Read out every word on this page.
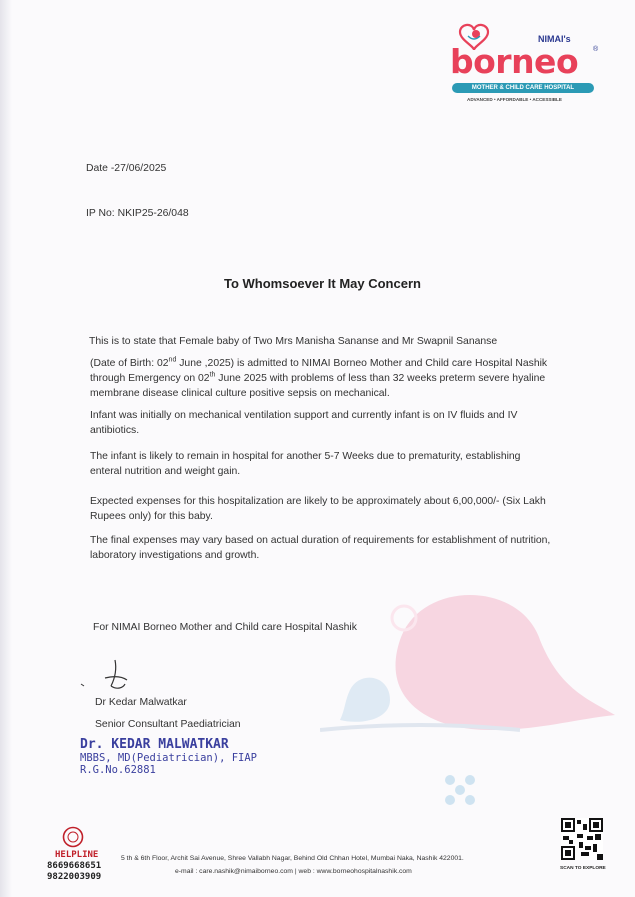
NIMAI's
borneo ®
MOTHER & CHILD CARE HOSPITAL
ADVANCED • AFFORDABLE • ACCESSIBLE
Date -27/06/2025
IP No: NKIP25-26/048
To Whomsoever It May Concern
This is to state that Female baby of Two Mrs Manisha Sananse and Mr Swapnil Sananse
(Date of Birth: 02nd June ,2025) is admitted to NIMAI Borneo Mother and Child care Hospital Nashik
through Emergency on 02th June 2025 with problems of less than 32 weeks preterm severe hyaline
membrane disease clinical culture positive sepsis on mechanical.
Infant was initially on mechanical ventilation support and currently infant is on IV fluids and IV
antibiotics.
The infant is likely to remain in hospital for another 5-7 Weeks due to prematurity, establishing
enteral nutrition and weight gain.
Expected expenses for this hospitalization are likely to be approximately about 6,00,000/- (Six Lakh
Rupees only) for this baby.
The final expenses may vary based on actual duration of requirements for establishment of nutrition,
laboratory investigations and growth.
For NIMAI Borneo Mother and Child care Hospital Nashik
Dr Kedar Malwatkar
Senior Consultant Paediatrician
Dr. KEDAR MALWATKAR
MBBS, MD(Pediatrician), FIAP
R.G.No.62881
HELPLINE
8669668651
9822003909
5 th & 6th Floor, Archit Sai Avenue, Shree Vallabh Nagar, Behind Old Chhan Hotel, Mumbai Naka, Nashik 422001.
e-mail : care.nashik@nimaiborneo.com | web : www.borneohospitalnashik.com	SCAN TO EXPLORE
